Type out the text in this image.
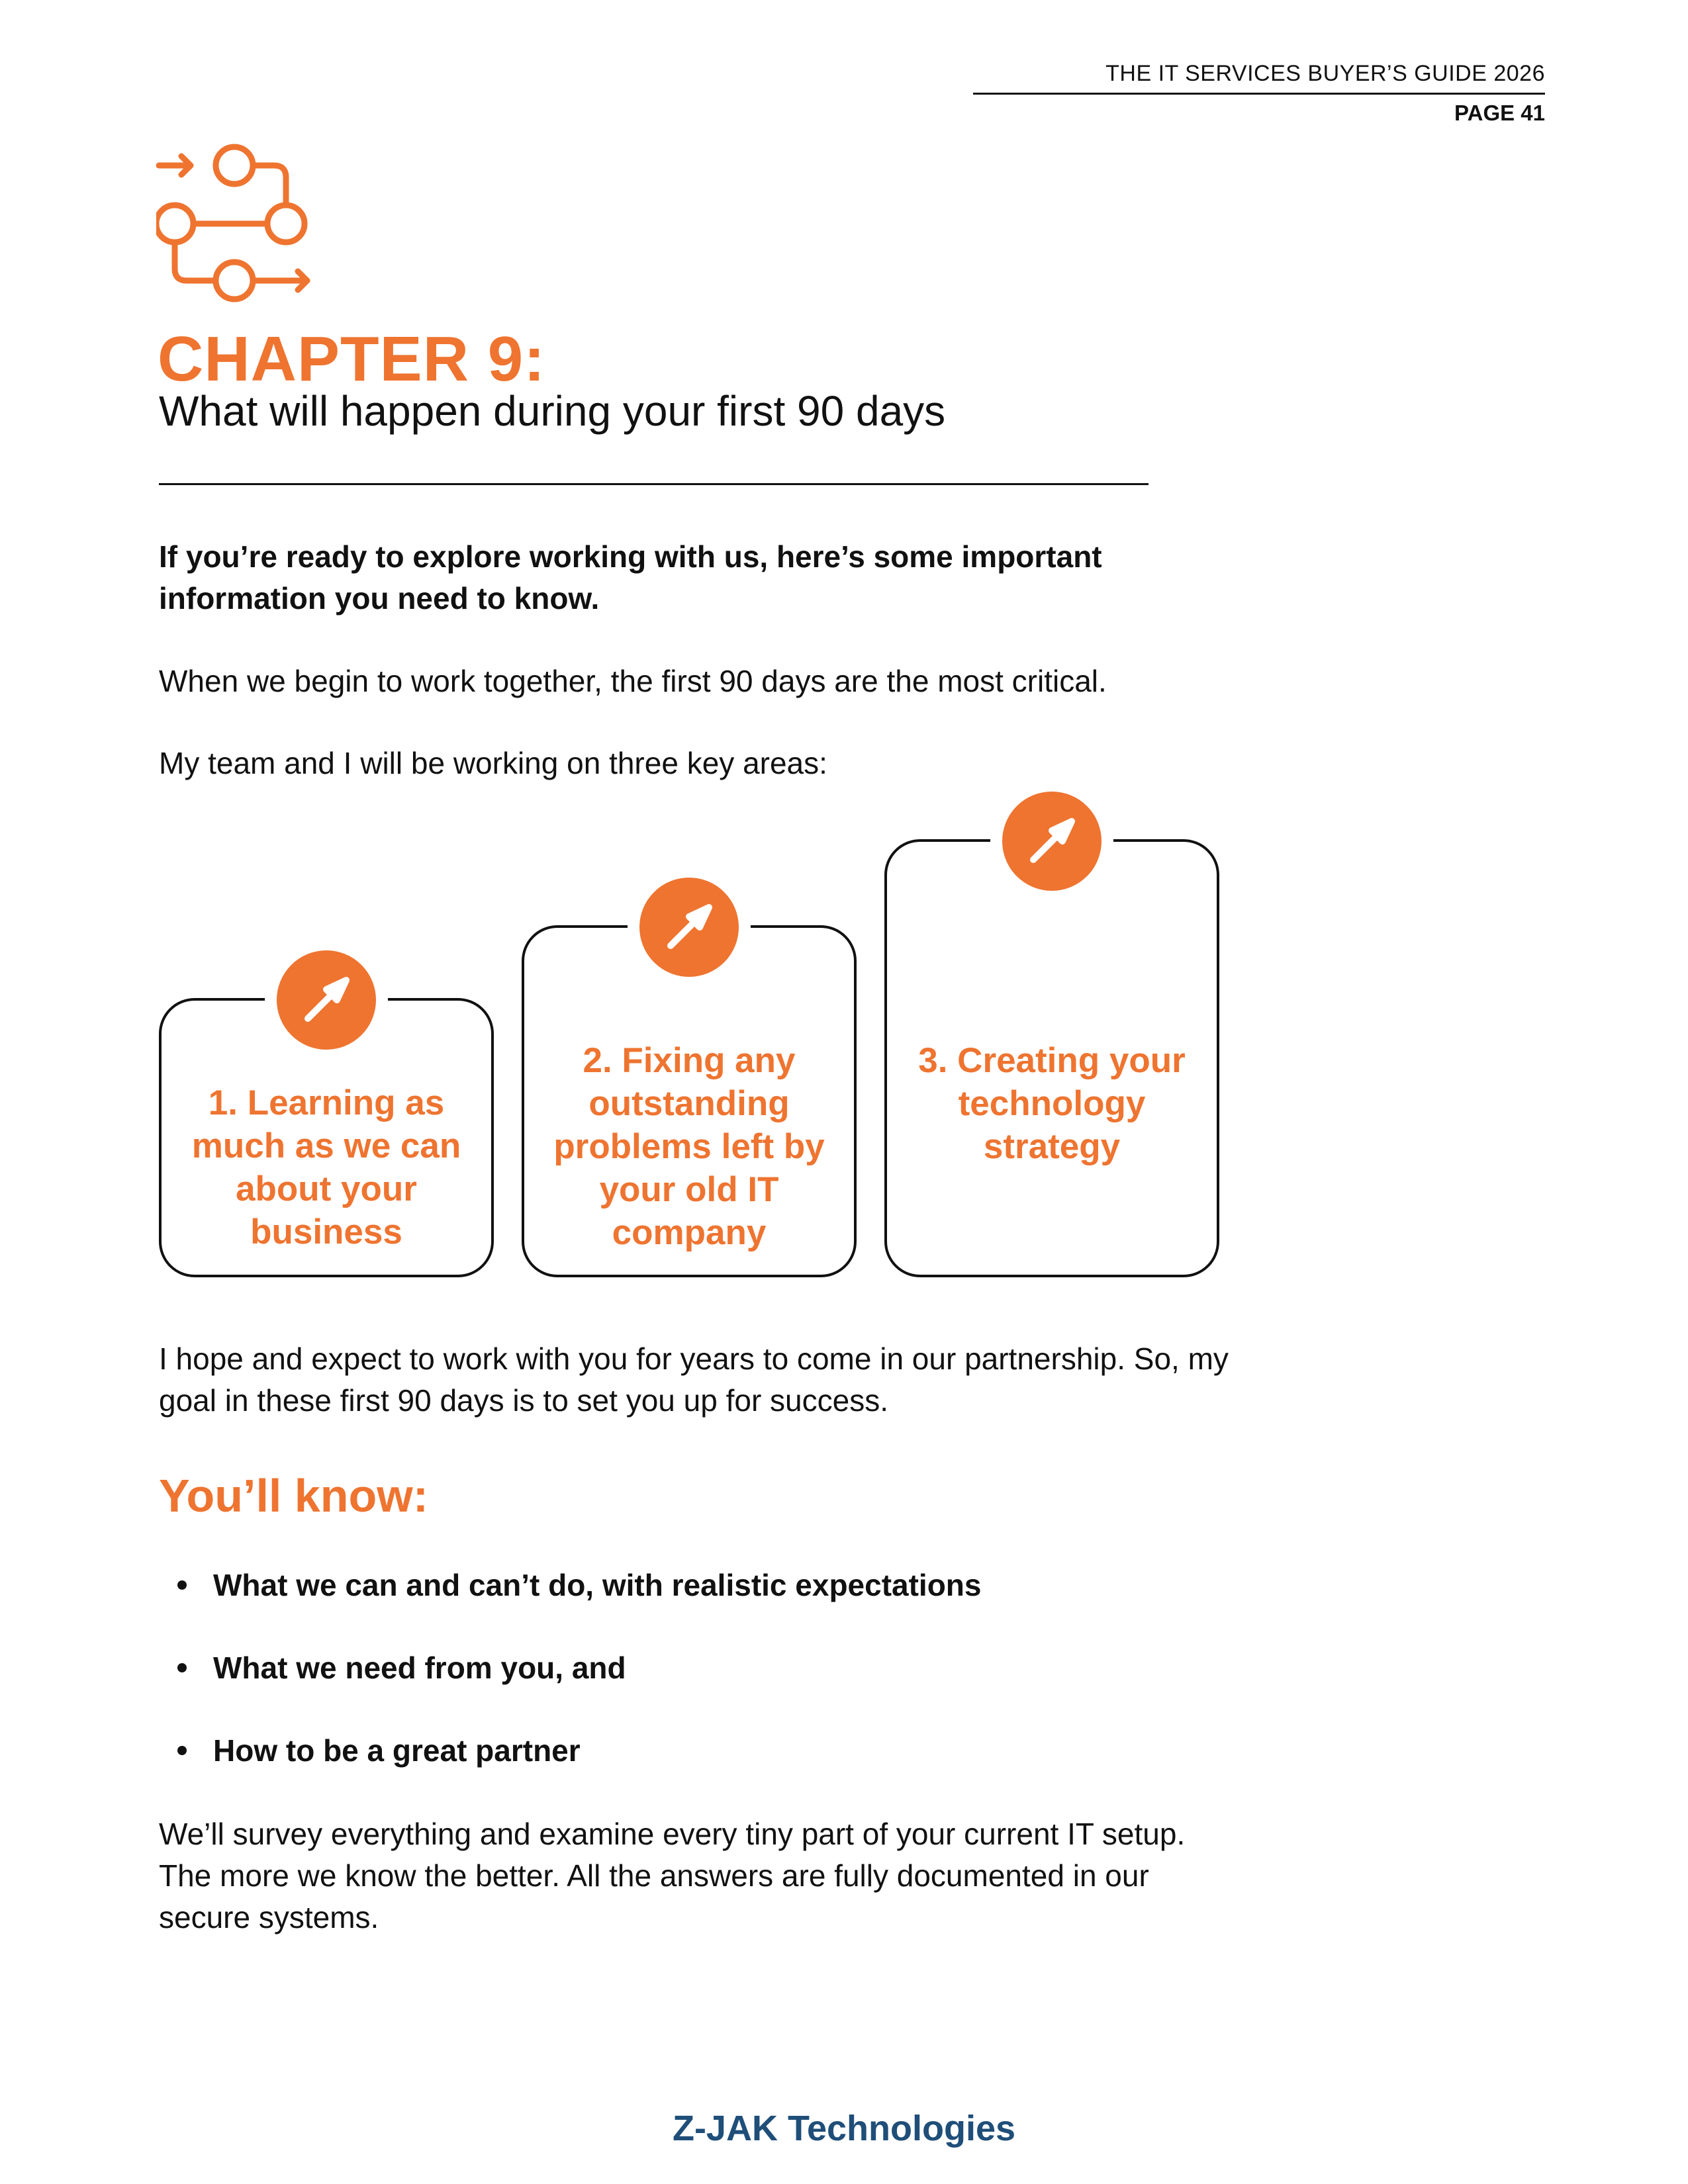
THE IT SERVICES BUYER’S GUIDE 2026
PAGE 41
CHAPTER 9:
What will happen during your first 90 days
If you’re ready to explore working with us, here’s some important information you need to know.
When we begin to work together, the first 90 days are the most critical.
My team and I will be working on three key areas:
1. Learning as much as we can about your business
2. Fixing any outstanding problems left by your old IT company
3. Creating your technology strategy
I hope and expect to work with you for years to come in our partnership. So, my goal in these first 90 days is to set you up for success.
You’ll know:
What we can and can’t do, with realistic expectations
What we need from you, and
How to be a great partner
We’ll survey everything and examine every tiny part of your current IT setup. The more we know the better. All the answers are fully documented in our secure systems.
Z-JAK Technologies
